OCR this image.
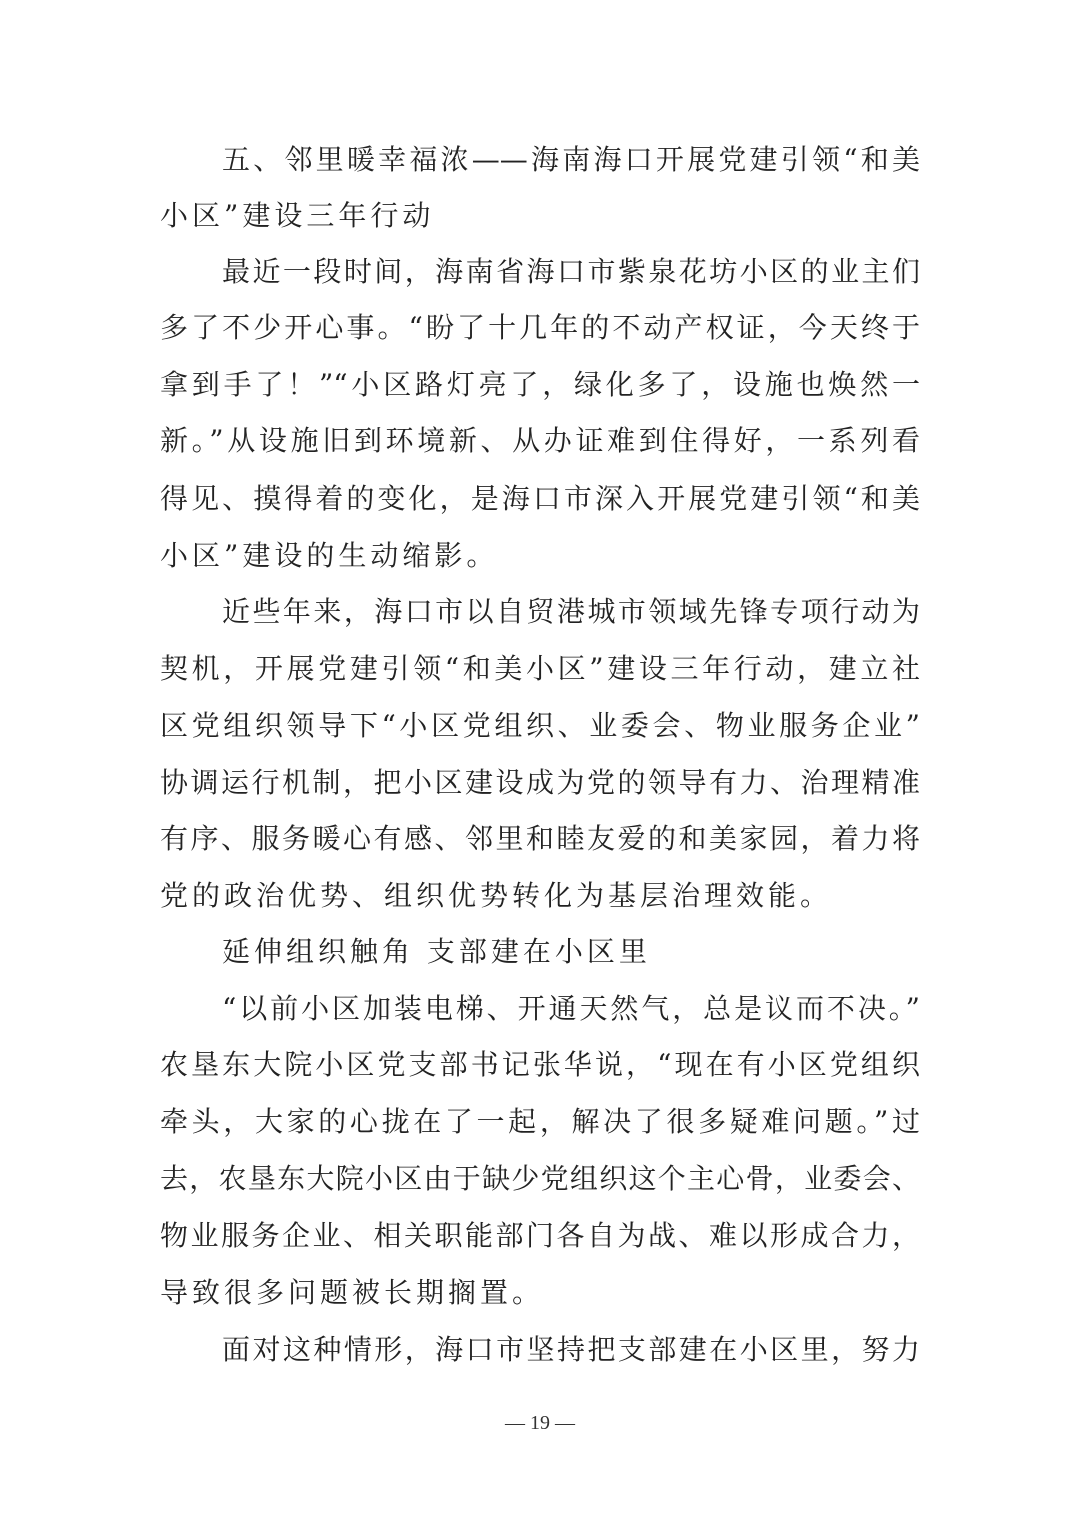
五、邻里暖幸福浓——海南海口开展党建引领“和美
小区”建设三年行动
最近一段时间，海南省海口市紫泉花坊小区的业主们
多了不少开心事。“盼了十几年的不动产权证，今天终于
拿到手了！”“小区路灯亮了，绿化多了，设施也焕然一
新。”从设施旧到环境新、从办证难到住得好，一系列看
得见、摸得着的变化，是海口市深入开展党建引领“和美
小区”建设的生动缩影。
近些年来，海口市以自贸港城市领域先锋专项行动为
契机，开展党建引领“和美小区”建设三年行动，建立社
区党组织领导下“小区党组织、业委会、物业服务企业”
协调运行机制，把小区建设成为党的领导有力、治理精准
有序、服务暖心有感、邻里和睦友爱的和美家园，着力将
党的政治优势、组织优势转化为基层治理效能。
延伸组织触角 支部建在小区里
“以前小区加装电梯、开通天然气，总是议而不决。”
农垦东大院小区党支部书记张华说，“现在有小区党组织
牵头，大家的心拢在了一起，解决了很多疑难问题。”过
去，农垦东大院小区由于缺少党组织这个主心骨，业委会、
物业服务企业、相关职能部门各自为战、难以形成合力，
导致很多问题被长期搁置。
面对这种情形，海口市坚持把支部建在小区里，努力
— 19 —
